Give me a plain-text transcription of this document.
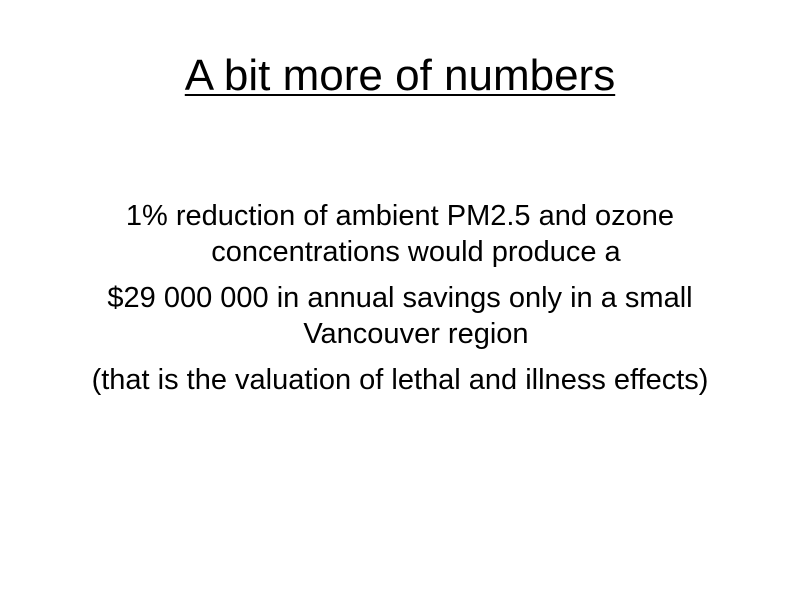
A bit more of numbers

1% reduction of ambient PM2.5 and ozone concentrations would produce a

$29 000 000 in annual savings only in a small Vancouver region

(that is the valuation of lethal and illness effects)
